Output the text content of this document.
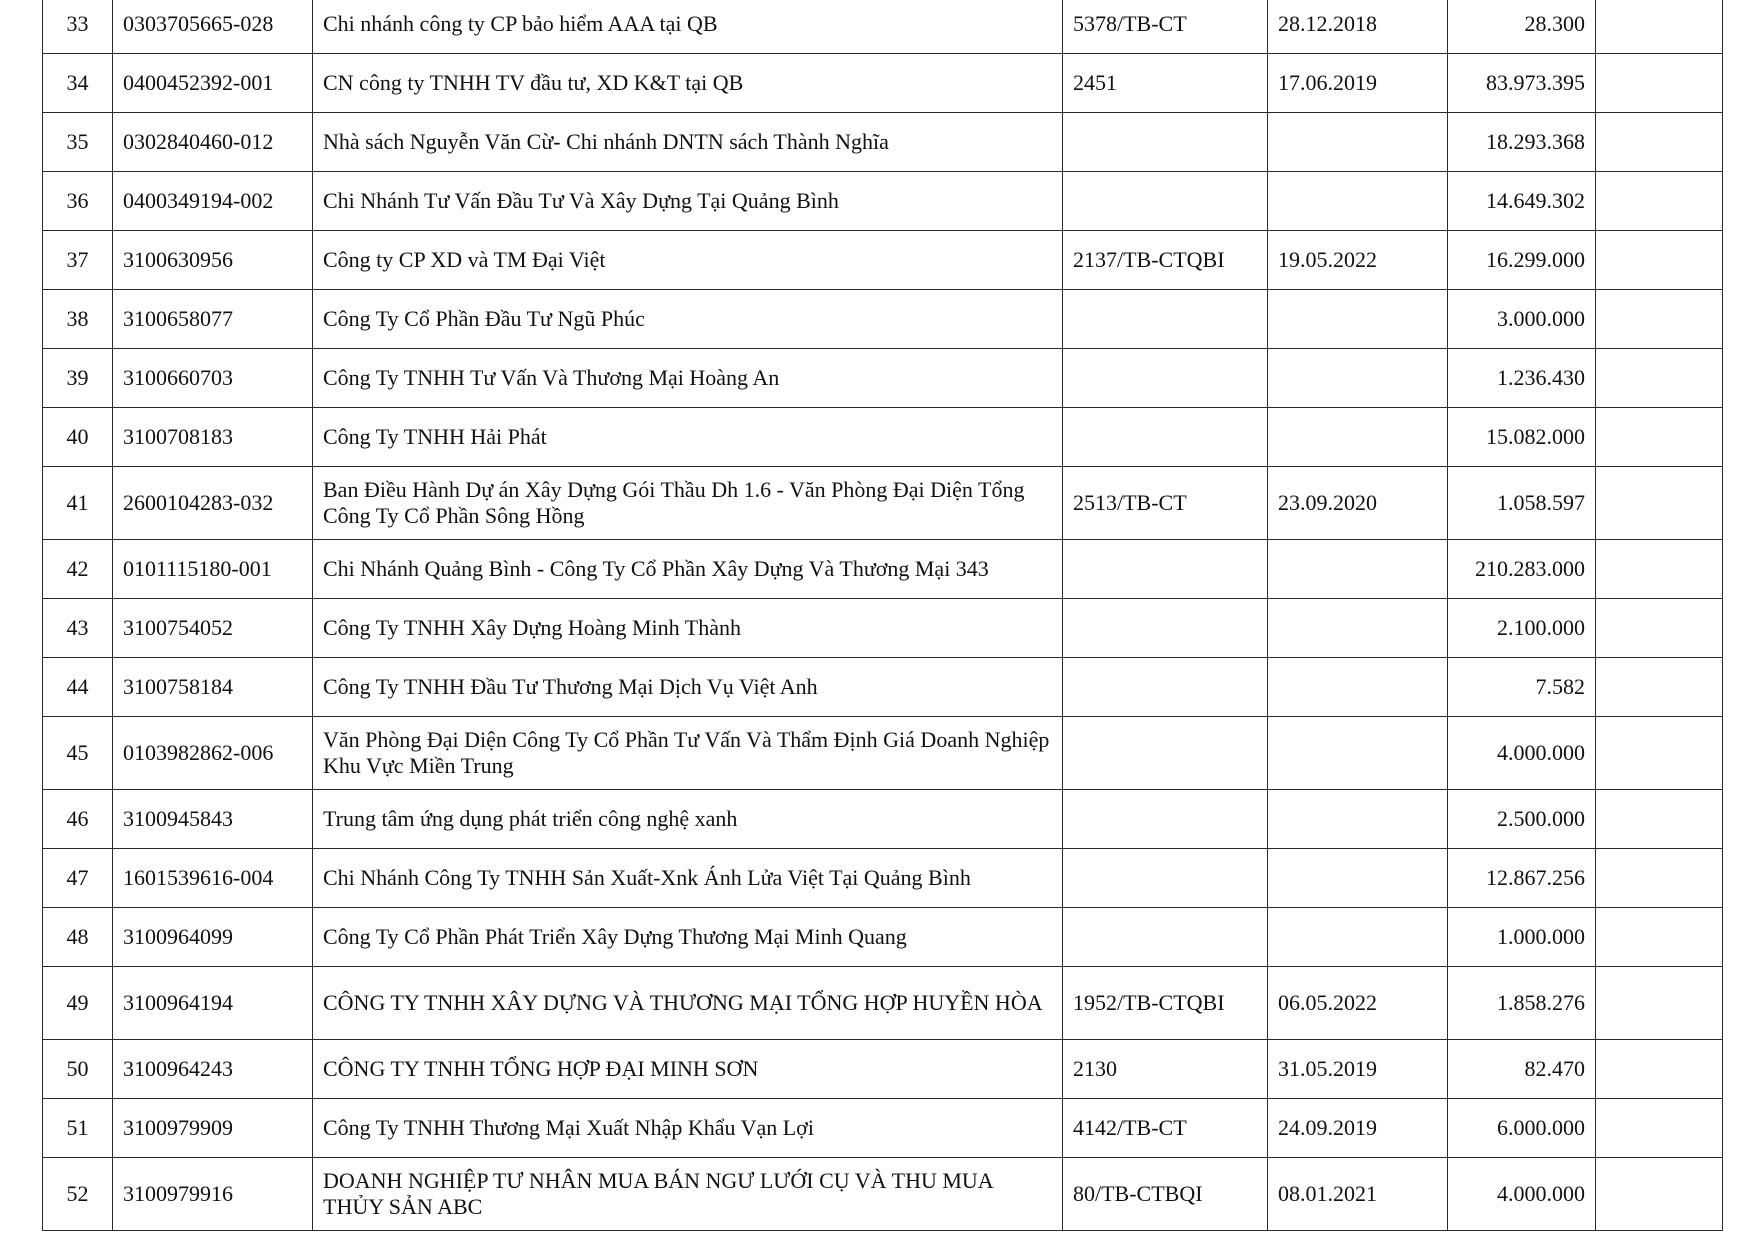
33	0303705665-028	Chi nhánh công ty CP bảo hiểm AAA tại QB	5378/TB-CT	28.12.2018	28.300	
34	0400452392-001	CN công ty TNHH TV đầu tư, XD K&T tại QB	2451	17.06.2019	83.973.395	
35	0302840460-012	Nhà sách Nguyễn Văn Cừ- Chi nhánh DNTN sách Thành Nghĩa			18.293.368	
36	0400349194-002	Chi Nhánh Tư Vấn Đầu Tư Và Xây Dựng Tại Quảng Bình			14.649.302	
37	3100630956	Công ty CP XD và TM Đại Việt	2137/TB-CTQBI	19.05.2022	16.299.000	
38	3100658077	Công Ty Cổ Phần Đầu Tư Ngũ Phúc			3.000.000	
39	3100660703	Công Ty TNHH Tư Vấn Và Thương Mại Hoàng An			1.236.430	
40	3100708183	Công Ty TNHH Hải Phát			15.082.000	
41	2600104283-032	Ban Điều Hành Dự án Xây Dựng Gói Thầu Dh 1.6 - Văn Phòng Đại Diện Tổng Công Ty Cổ Phần Sông Hồng	2513/TB-CT	23.09.2020	1.058.597	
42	0101115180-001	Chi Nhánh Quảng Bình - Công Ty Cổ Phần Xây Dựng Và Thương Mại 343			210.283.000	
43	3100754052	Công Ty TNHH Xây Dựng Hoàng Minh Thành			2.100.000	
44	3100758184	Công Ty TNHH Đầu Tư Thương Mại Dịch Vụ Việt Anh			7.582	
45	0103982862-006	Văn Phòng Đại Diện Công Ty Cổ Phần Tư Vấn Và Thẩm Định Giá Doanh Nghiệp Khu Vực Miền Trung			4.000.000	
46	3100945843	Trung tâm ứng dụng phát triển công nghệ xanh			2.500.000	
47	1601539616-004	Chi Nhánh Công Ty TNHH Sản Xuất-Xnk Ánh Lửa Việt Tại Quảng Bình			12.867.256	
48	3100964099	Công Ty Cổ Phần Phát Triển Xây Dựng Thương Mại Minh Quang			1.000.000	
49	3100964194	CÔNG TY TNHH XÂY DỰNG VÀ THƯƠNG MẠI TỔNG HỢP HUYỀN HÒA	1952/TB-CTQBI	06.05.2022	1.858.276	
50	3100964243	CÔNG TY TNHH TỔNG HỢP ĐẠI MINH SƠN	2130	31.05.2019	82.470	
51	3100979909	Công Ty TNHH Thương Mại Xuất Nhập Khẩu Vạn Lợi	4142/TB-CT	24.09.2019	6.000.000	
52	3100979916	DOANH NGHIỆP TƯ NHÂN MUA BÁN NGƯ LƯỚI CỤ VÀ THU MUA THỦY SẢN ABC	80/TB-CTBQI	08.01.2021	4.000.000	
